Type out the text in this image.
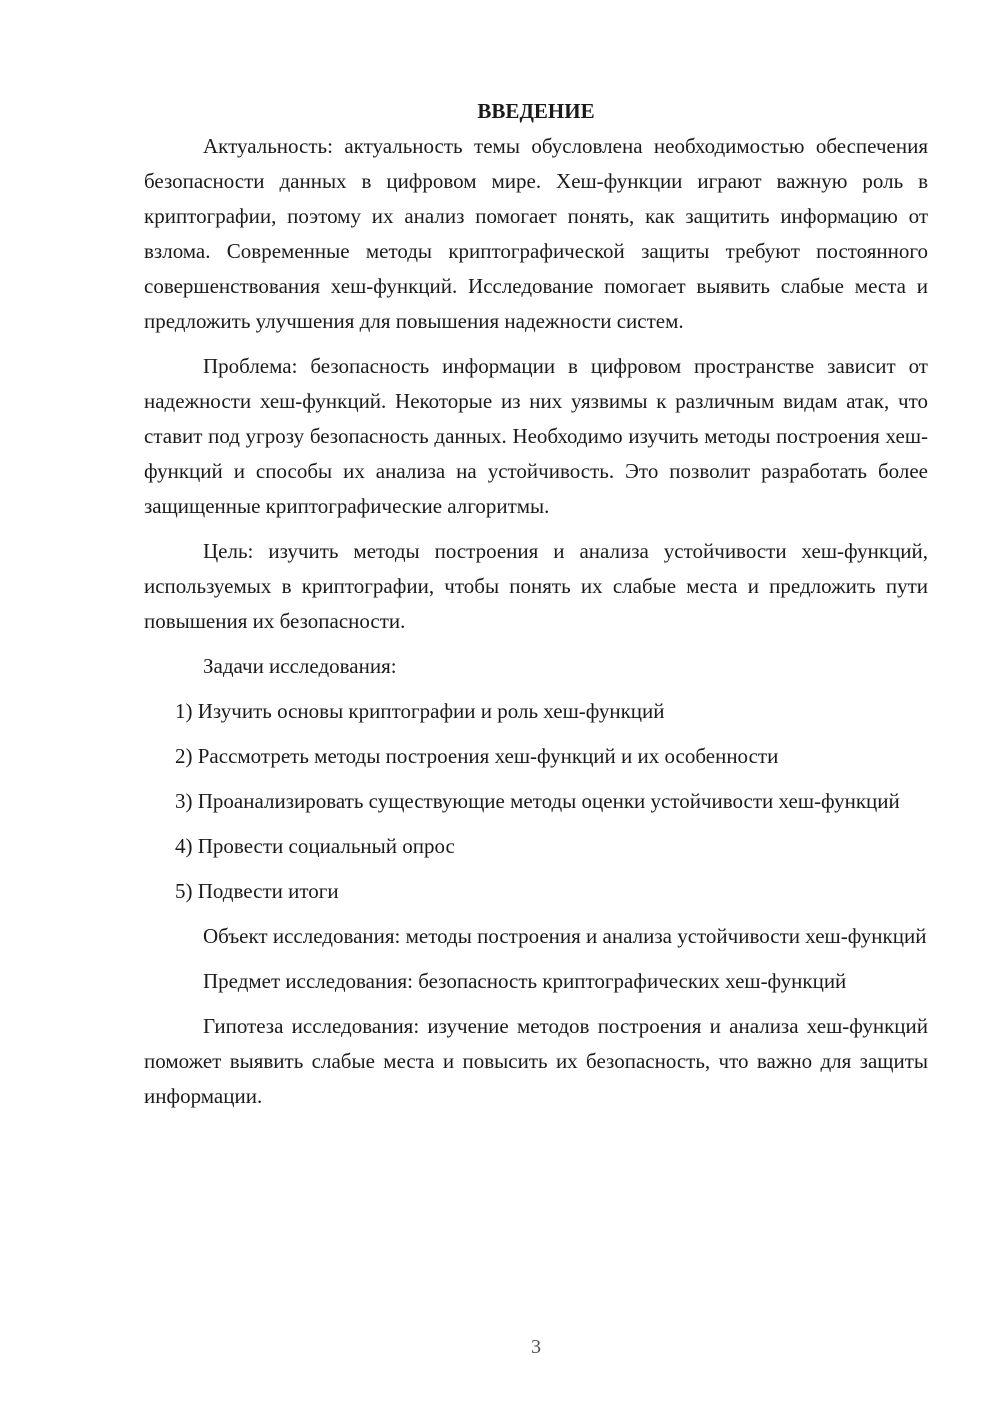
ВВЕДЕНИЕ

Актуальность: актуальность темы обусловлена необходимостью обеспечения безопасности данных в цифровом мире. Хеш-функции играют важную роль в криптографии, поэтому их анализ помогает понять, как защитить информацию от взлома. Современные методы криптографической защиты требуют постоянного совершенствования хеш-функций. Исследование помогает выявить слабые места и предложить улучшения для повышения надежности систем.

Проблема: безопасность информации в цифровом пространстве зависит от надежности хеш-функций. Некоторые из них уязвимы к различным видам атак, что ставит под угрозу безопасность данных. Необходимо изучить методы построения хеш-функций и способы их анализа на устойчивость. Это позволит разработать более защищенные криптографические алгоритмы.

Цель: изучить методы построения и анализа устойчивости хеш-функций, используемых в криптографии, чтобы понять их слабые места и предложить пути повышения их безопасности.

Задачи исследования:

1) Изучить основы криптографии и роль хеш-функций

2) Рассмотреть методы построения хеш-функций и их особенности

3) Проанализировать существующие методы оценки устойчивости хеш-функций

4) Провести социальный опрос

5) Подвести итоги

Объект исследования: методы построения и анализа устойчивости хеш-функций

Предмет исследования: безопасность криптографических хеш-функций

Гипотеза исследования: изучение методов построения и анализа хеш-функций поможет выявить слабые места и повысить их безопасность, что важно для защиты информации.

3
